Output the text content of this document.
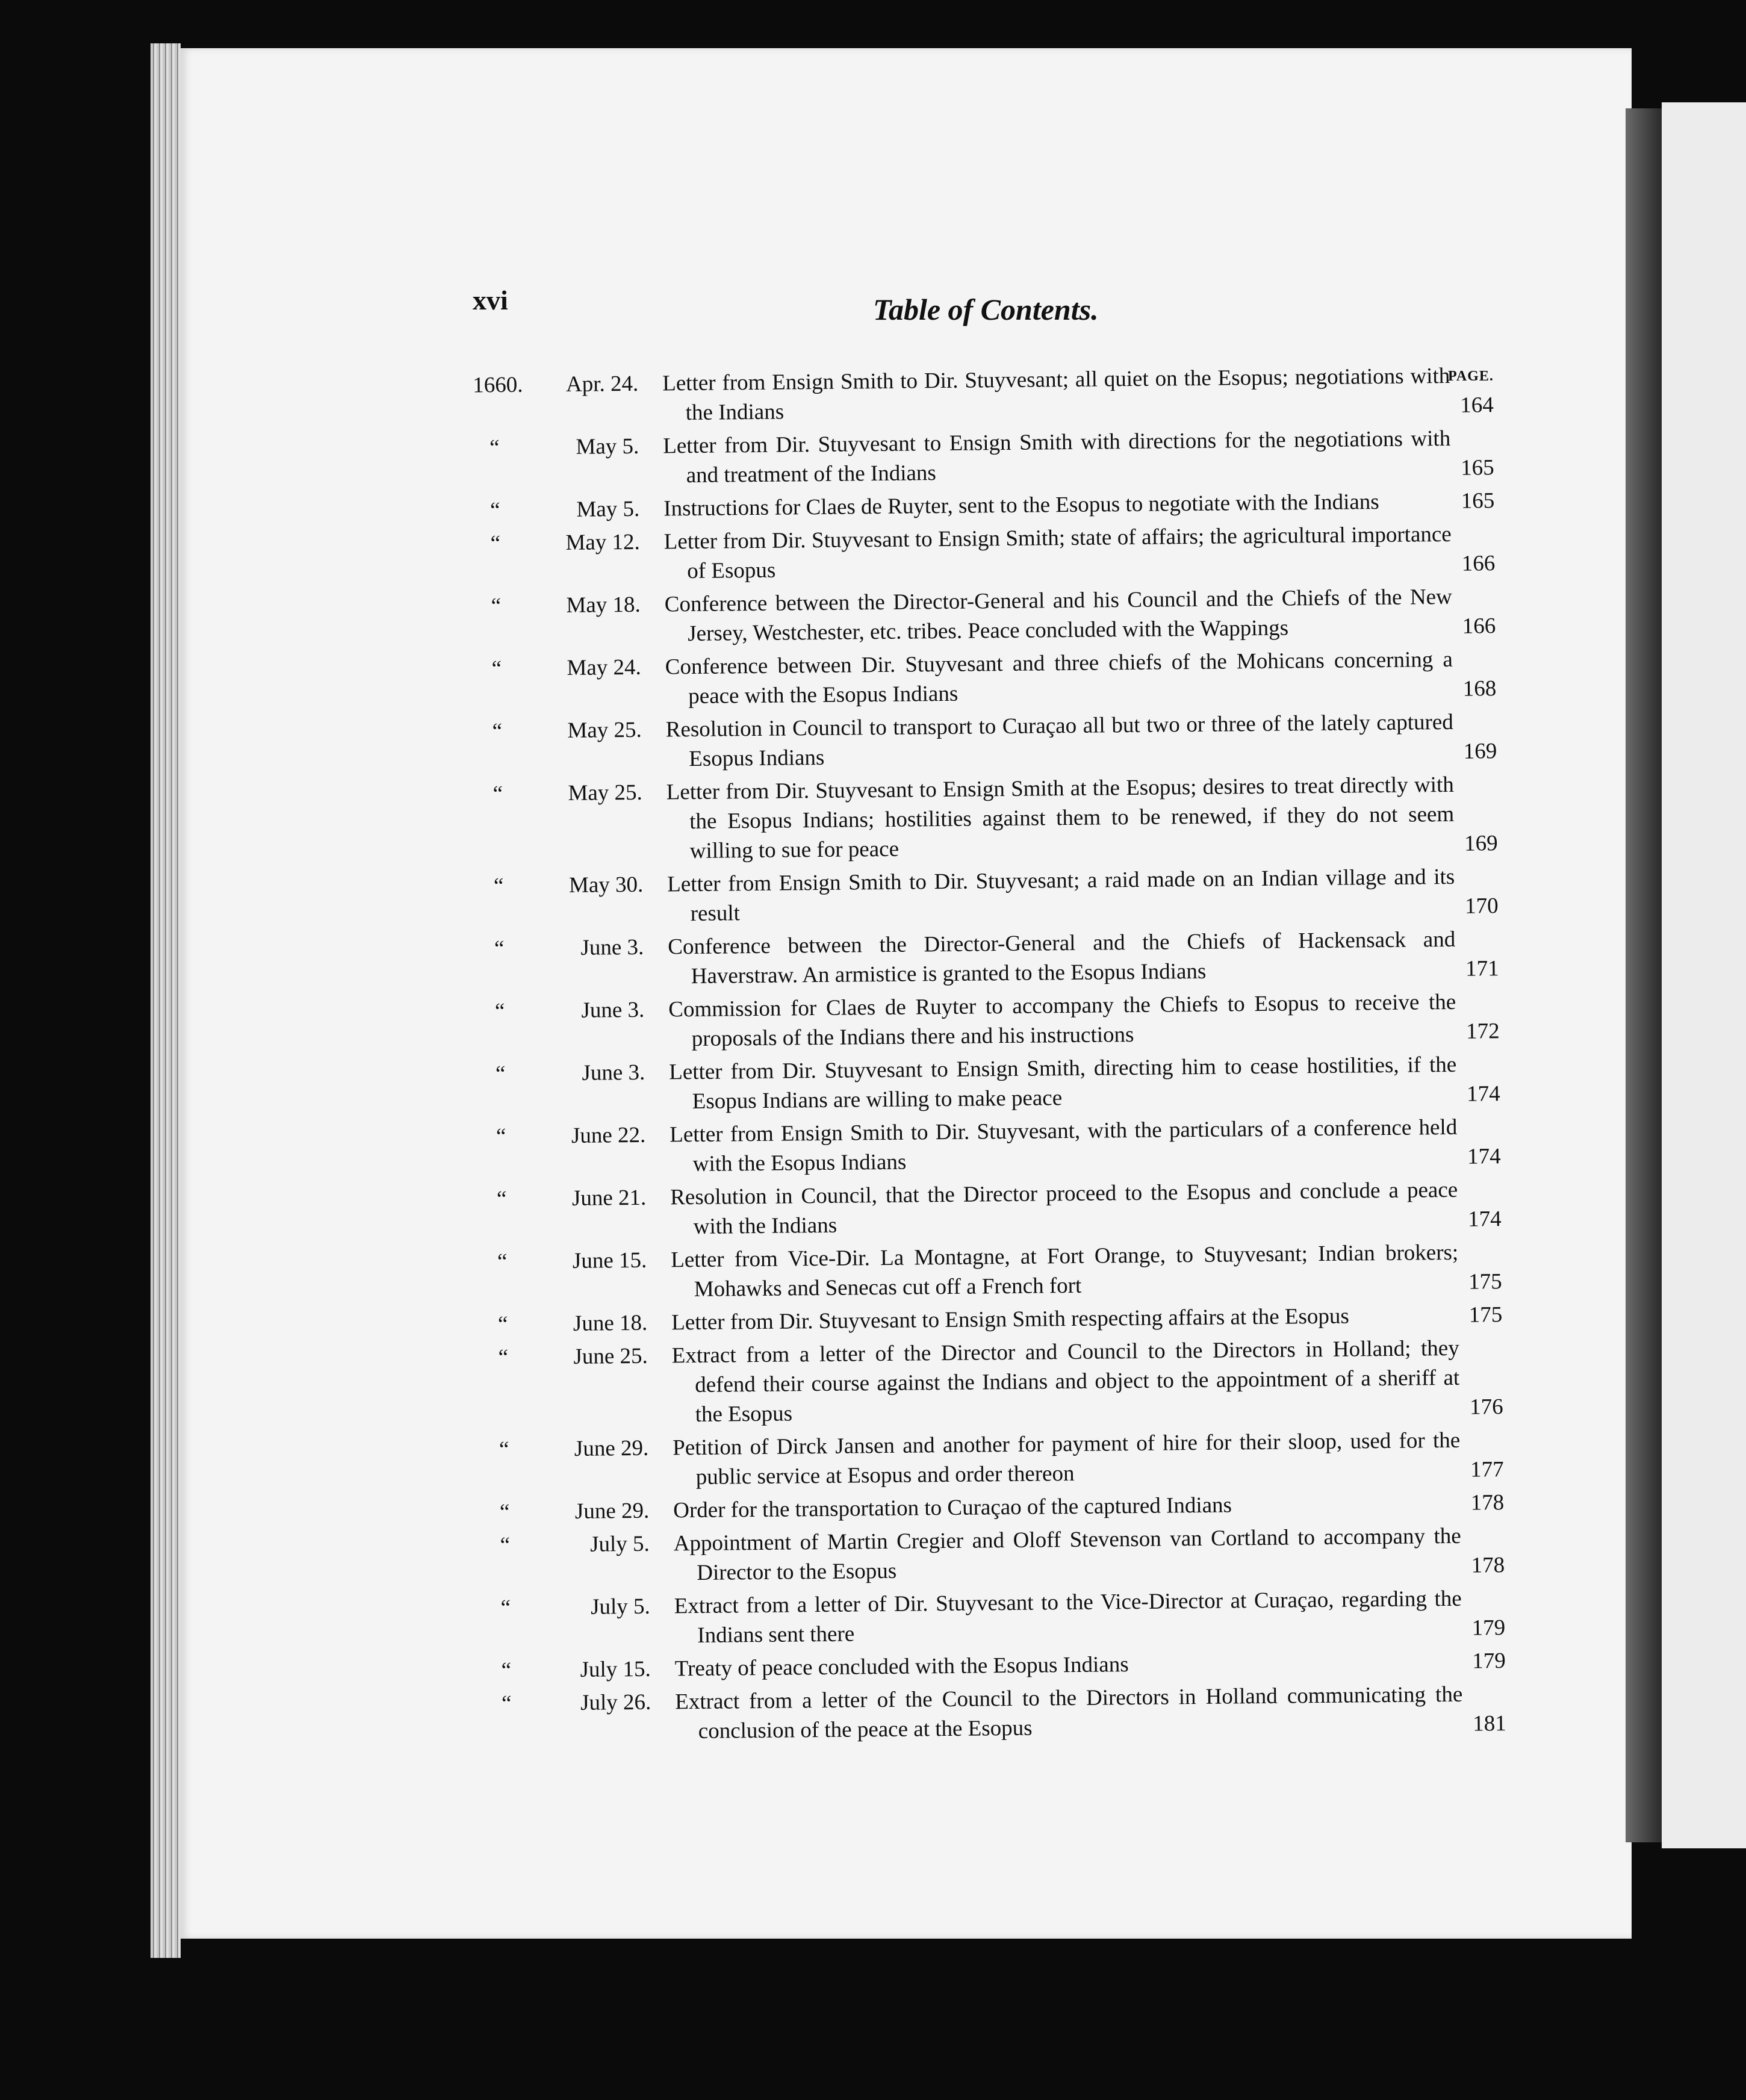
xvi	Table of Contents.
PAGE.
1660.	Apr. 24. Letter from Ensign Smith to Dir. Stuyvesant; all quiet on the Esopus; negotiations with the Indians	164
“	May 5. Letter from Dir. Stuyvesant to Ensign Smith with directions for the negotiations with and treatment of the Indians	165
“	May 5. Instructions for Claes de Ruyter, sent to the Esopus to negotiate with the Indians	165
“	May 12. Letter from Dir. Stuyvesant to Ensign Smith; state of affairs; the agricultural importance of Esopus	166
“	May 18. Conference between the Director-General and his Council and the Chiefs of the New Jersey, Westchester, etc. tribes. Peace concluded with the Wappings	166
“	May 24. Conference between Dir. Stuyvesant and three chiefs of the Mohicans concerning a peace with the Esopus Indians	168
“	May 25. Resolution in Council to transport to Curaçao all but two or three of the lately captured Esopus Indians	169
“	May 25. Letter from Dir. Stuyvesant to Ensign Smith at the Esopus; desires to treat directly with the Esopus Indians; hostilities against them to be renewed, if they do not seem willing to sue for peace	169
“	May 30. Letter from Ensign Smith to Dir. Stuyvesant; a raid made on an Indian village and its result	170
“	June 3. Conference between the Director-General and the Chiefs of Hackensack and Haverstraw. An armistice is granted to the Esopus Indians	171
“	June 3. Commission for Claes de Ruyter to accompany the Chiefs to Esopus to receive the proposals of the Indians there and his instructions	172
“	June 3. Letter from Dir. Stuyvesant to Ensign Smith, directing him to cease hostilities, if the Esopus Indians are willing to make peace	174
“	June 22. Letter from Ensign Smith to Dir. Stuyvesant, with the particulars of a conference held with the Esopus Indians	174
“	June 21. Resolution in Council, that the Director proceed to the Esopus and conclude a peace with the Indians	174
“	June 15. Letter from Vice-Dir. La Montagne, at Fort Orange, to Stuyvesant; Indian brokers; Mohawks and Senecas cut off a French fort	175
“	June 18. Letter from Dir. Stuyvesant to Ensign Smith respecting affairs at the Esopus	175
“	June 25. Extract from a letter of the Director and Council to the Directors in Holland; they defend their course against the Indians and object to the appointment of a sheriff at the Esopus	176
“	June 29. Petition of Dirck Jansen and another for payment of hire for their sloop, used for the public service at Esopus and order thereon	177
“	June 29. Order for the transportation to Curaçao of the captured Indians	178
“	July 5. Appointment of Martin Cregier and Oloff Stevenson van Cortland to accompany the Director to the Esopus	178
“	July 5. Extract from a letter of Dir. Stuyvesant to the Vice-Director at Curaçao, regarding the Indians sent there	179
“	July 15. Treaty of peace concluded with the Esopus Indians	179
“	July 26. Extract from a letter of the Council to the Directors in Holland communicating the conclusion of the peace at the Esopus	181
